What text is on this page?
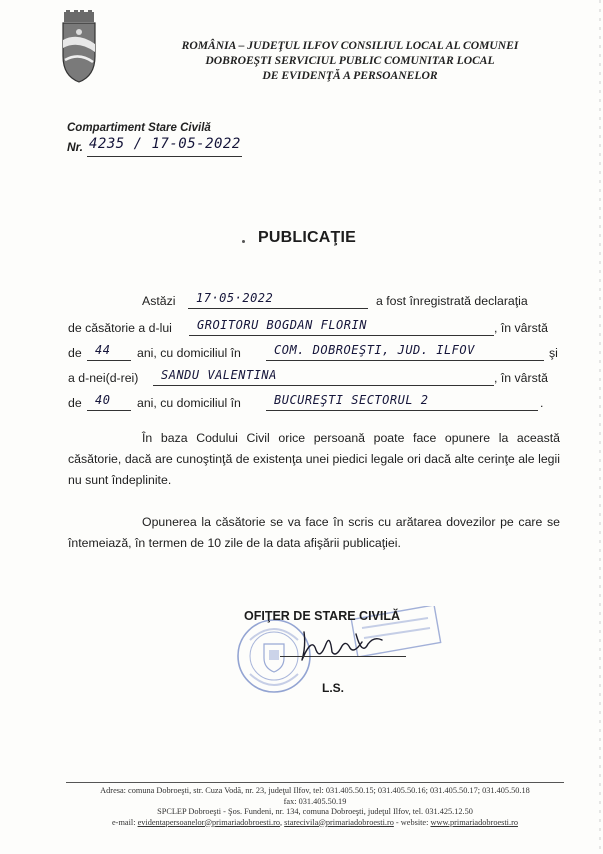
ROMÂNIA – JUDEŢUL ILFOV CONSILIUL LOCAL AL COMUNEI
DOBROEŞTI SERVICIUL PUBLIC COMUNITAR LOCAL
DE EVIDENŢĂ A PERSOANELOR
Compartiment Stare Civilă
Nr. 4235 / 17-05-2022
PUBLICAŢIE
Astăzi 17·05·2022	a fost înregistrată declaraţia
de căsătorie a d-lui GROITORU BOGDAN FLORIN	, în vârstă
de 44 ani, cu domiciliul în	COM. DOBROEŞTI, JUD. ILFOV	şi
a d-nei(d-rei) SANDU VALENTINA	, în vârstă
de 40 ani, cu domiciliul în	BUCUREŞTI SECTORUL 2	.
În baza Codului Civil orice persoană poate face opunere la această căsătorie, dacă are cunoştinţă de existenţa unei piedici legale ori dacă alte cerinţe ale legii nu sunt îndeplinite.
Opunerea la căsătorie se va face în scris cu arătarea dovezilor pe care se întemeiază, în termen de 10 zile de la data afişării publicaţiei.
OFIŢER DE STARE CIVILĂ
L.S.
Adresa: comuna Dobroeşti, str. Cuza Vodă, nr. 23, judeţul Ilfov, tel: 031.405.50.15; 031.405.50.16; 031.405.50.17; 031.405.50.18
fax: 031.405.50.19
SPCLEP Dobroeşti - Şos. Fundeni, nr. 134, comuna Dobroeşti, judeţul Ilfov, tel. 031.425.12.50
e-mail: evidentapersoanelor@primariadobroesti.ro, starecivila@primariadobroesti.ro - website: www.primariadobroesti.ro
